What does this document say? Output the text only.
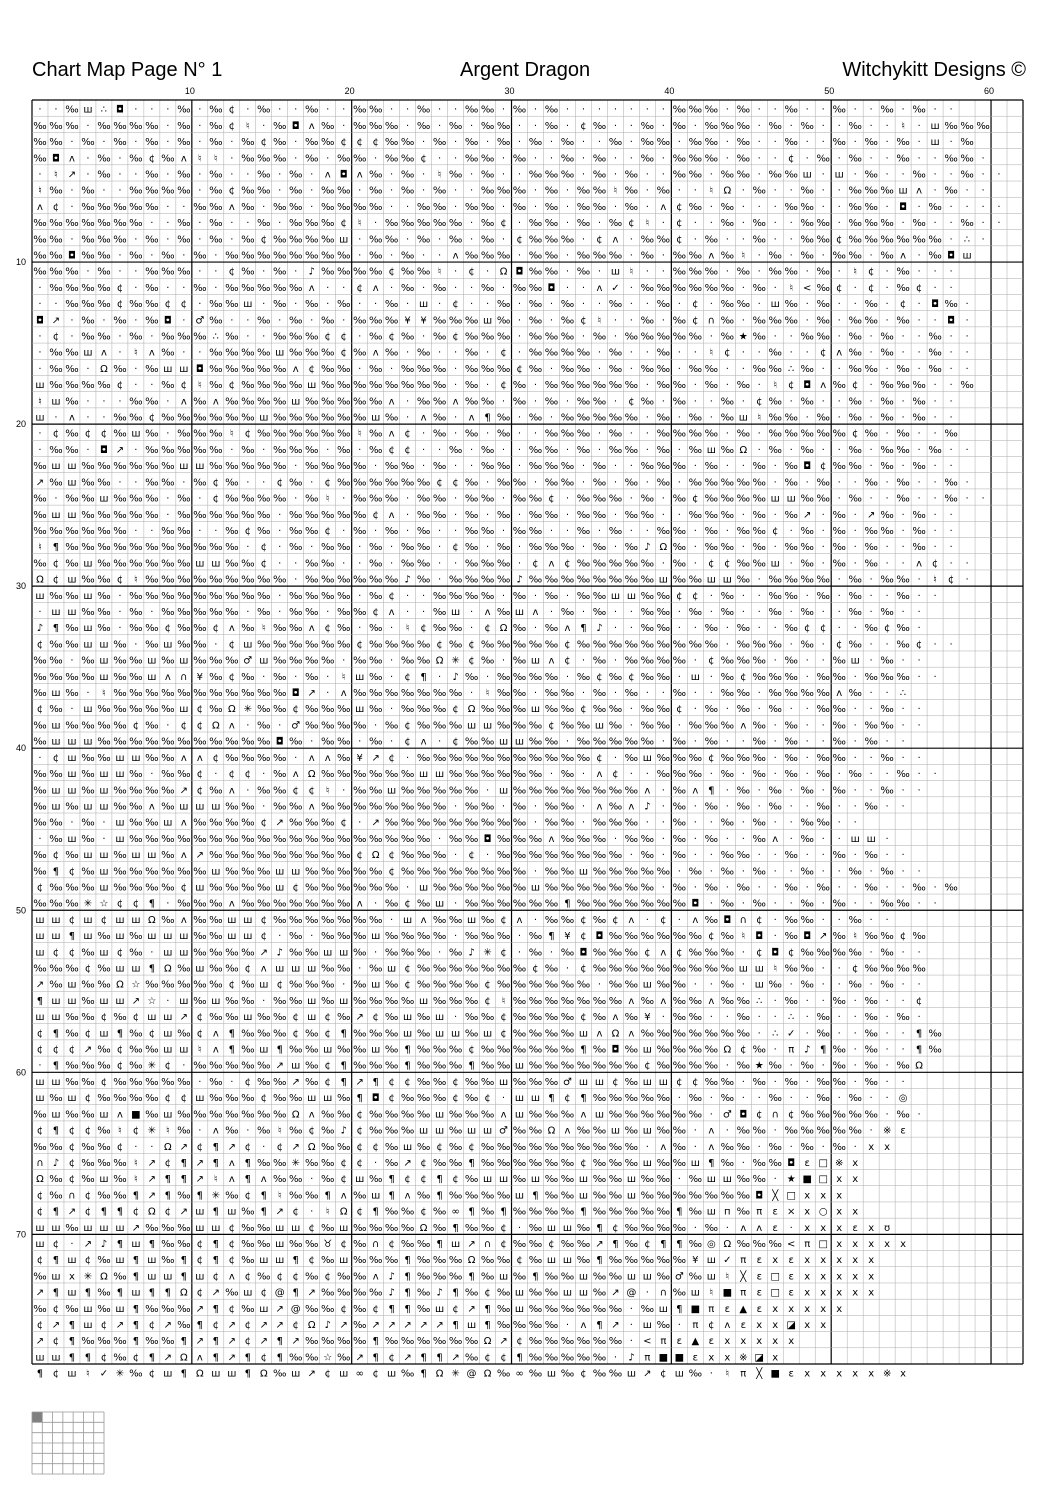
Chart Map Page N° 1	Argent Dragon	Witchykitt Designs ©
10	20	30	40	50	60
10
20
30
40
50
60
70
· · ‰ ш ∴ ◘ · · · ‰ · ‰ ¢ · ‰ · · ‰ · · ‰ ‰ · · ‰ · · ‰ ‰ · ‰ · ‰ · · · · · · · ‰ ‰ ‰ · ‰ · · ‰ · · ‰ · · ‰ · ‰ · ·
‰ ‰ ‰ · ‰ ‰ ‰ ‰ · ‰ · ‰ ¢ ♮ · ‰ ◘ ʌ ‰ · ‰ ‰ ‰ · ‰ · ‰ · ‰ ‰ · · ‰ · ¢ ‰ · · ‰ · ‰ · ‰ ‰ ‰ · ‰ · ‰ · · ‰ · · ♮ · ш ‰ ‰ ‰
‰ ‰ · ‰ · ‰ · ‰ · ‰ · ‰ · ‰ ¢ ‰ · ‰ ‰ ¢ ¢ ¢ ‰ ‰ · ‰ · ‰ · ‰ · ‰ · ‰ · · ‰ · ‰ ‰ · ‰ ‰ · ‰ · · ‰ · · ‰ · ‰ · ‰ · ш · ‰
‰ ◘ ʌ · ‰ · ‰ ¢ ‰ ʌ ♮ ♮ · ‰ ‰ ‰ · ‰ · ‰ ‰ · ‰ ‰ ¢ · · ‰ ‰ · ‰ · · ‰ · ‰ · · ‰ · ‰ ‰ ‰ · ‰ · · ¢ · ‰ · ‰ · · ‰ · · ‰ ‰ ·
· ♮ ↗ · ‰ · · ‰ · ‰ · ‰ · · ‰ · ‰ · ʌ ◘ ʌ ‰ · ‰ · ♮ ‰ · ‰ · · ‰ ‰ ‰ · ‰ · ‰ · · ‰ ‰ · ‰ ‰ · ‰ ‰ ш · ш · ‰ · · ‰ · · ‰ · ·
♮ ‰ · ‰ · · ‰ ‰ ‰ ‰ · ‰ ¢ ‰ ‰ · ‰ · ‰ ‰ · ‰ · ‰ · ‰ · · ‰ ‰ ‰ · ‰ · ‰ ‰ ♮ ‰ · ‰ · · ♮ Ω · ‰ · · ‰ · · ‰ ‰ ‰ ш ʌ · ‰ · ·
ʌ ¢ · ‰ ‰ ‰ ‰ ‰ · · ‰ ‰ ʌ ‰ · ‰ ‰ · ‰ ‰ ‰ ‰ · · ‰ ‰ · ‰ ‰ · ‰ · ‰ · ‰ ‰ · ‰ · ʌ ¢ ‰ · ‰ · · · ‰ ‰ · · ‰ ‰ · ◘ · ‰ · · · ·
‰ ‰ ‰ ‰ ‰ ‰ ‰ · · ‰ · ‰ · · ‰ · ‰ ‰ ‰ ¢ ♮ · ‰ ‰ ‰ ‰ ‰ · ‰ ¢ · ‰ ‰ · ‰ · ‰ ¢ ♮ · ¢ · · ‰ · ‰ · · ‰ ‰ · ‰ ‰ ‰ · ‰ · · ‰ · ·
‰ ‰ · ‰ ‰ ‰ · ‰ · ‰ · ‰ · ‰ ¢ ‰ ‰ ‰ ‰ ш · ‰ ‰ · ‰ · ‰ · ‰ · ¢ ‰ ‰ ‰ · ¢ ʌ · ‰ ‰ ¢ · ‰ · · ‰ · · ‰ ‰ ¢ ‰ ‰ ‰ ‰ ‰ ‰ · ∴ ·
‰ ‰ ◘ ‰ ‰ · ‰ · ‰ · ‰ · ‰ ‰ ‰ ‰ ‰ ‰ ‰ ‰ · ‰ · ‰ · · ʌ ‰ ‰ ‰ · ‰ ‰ · ‰ ‰ ‰ · ‰ · ‰ ‰ ʌ ‰ ♮ · ‰ · ‰ · ‰ ‰ · ‰ ʌ · ‰ ◘ ш
‰ ‰ ‰ · ‰ · · ‰ ‰ ‰ · · ¢ ‰ · ‰ · ♪ ‰ ‰ ‰ ‰ ¢ ‰ ‰ ♮ · ¢ · Ω ◘ ‰ ‰ · ‰ · ш ♮ · · ‰ ‰ ‰ · ‰ · ‰ ‰ · ‰ · ♮ ¢ · ‰ · · ·
· ‰ ‰ ‰ ‰ ¢ · ‰ · · ‰ · ‰ ‰ ‰ ‰ ‰ ʌ · · ¢ ʌ · ‰ · ‰ · · ‰ · ‰ ‰ ◘ · · ʌ ✓ · ‰ ‰ ‰ ‰ ‰ ‰ · ‰ · ♮ < ‰ ¢ · ¢ · ‰ ¢ · ·
· · ‰ ‰ ‰ ¢ ‰ ‰ ¢ ¢ · ‰ ‰ ш · ‰ · ‰ · ‰ · · ‰ · ш · ¢ · · ‰ · ‰ · ‰ · · ‰ · · ‰ · ¢ · ‰ ‰ · ш ‰ · ‰ · · ‰ · ¢ · ◘ ‰ ·
◘ ↗ · ‰ · ‰ · ‰ ◘ · ♂ ‰ · · ‰ · ‰ · ‰ · ‰ ‰ ‰ ¥ ¥ ‰ ‰ ‰ ш ‰ · ‰ · ‰ ¢ ♮ · · ‰ · ‰ ¢ ∩ ‰ · ‰ ‰ ‰ · ‰ · ‰ ‰ · ‰ · · ◘ ·
· ¢ · ‰ ‰ · ‰ · ‰ ‰ ‰ ∴ ‰ · · ‰ ‰ ‰ ¢ ¢ · ‰ ¢ ‰ · ‰ ¢ ‰ ‰ ‰ · ‰ ‰ ‰ · ‰ · ‰ ‰ ‰ ‰ ‰ · ‰ ★ ‰ · · ‰ ‰ · ‰ · ‰ · · ‰ · ·
· ‰ ‰ ш ʌ · ♮ ʌ ‰ · · ‰ ‰ ‰ ‰ ш ‰ ‰ ‰ ¢ ‰ ʌ ‰ · ‰ · · ‰ · ¢ · ‰ ‰ ‰ ‰ · ‰ · · ‰ · · ♮ ¢ · · ‰ · · ¢ ʌ ‰ · ‰ · · ‰ · ·
· ‰ ‰ · Ω ‰ · ‰ ш ш ◘ ‰ ‰ ‰ ‰ ‰ ʌ ¢ ‰ ‰ · ‰ · ‰ ‰ ‰ · ‰ ‰ ‰ ¢ ‰ · ‰ ‰ · ‰ · ‰ ‰ · ‰ ‰ · · ‰ ‰ ∴ ‰ · · ‰ ‰ · ‰ · ‰ · ·
ш ‰ ‰ ‰ ‰ ¢ · · ‰ ¢ ♮ ‰ ¢ ‰ ‰ ‰ ‰ ш ‰ ‰ ‰ ‰ ‰ ‰ ‰ ‰ · ‰ · ¢ ‰ · ‰ ‰ ‰ ‰ ‰ ‰ · ‰ ‰ · ‰ · ‰ · ♮ ¢ ◘ ʌ ‰ ¢ · ‰ ‰ ‰ · · ‰
♮ ш ‰ · · · ‰ ‰ · ʌ ‰ ʌ ‰ ‰ ‰ ‰ ш ‰ ‰ ‰ ‰ ‰ ʌ · ‰ ‰ ʌ ‰ ‰ · ‰ · ‰ · ‰ ‰ · ¢ ‰ · ‰ · · ‰ · ¢ ‰ · ‰ · · ‰ · ‰ · ‰ · ·
ш · ʌ · · ‰ ‰ ¢ ‰ ‰ ‰ ‰ ‰ ‰ ш ‰ ‰ ‰ ‰ ‰ ‰ ш ‰ · ʌ ‰ · ʌ ¶ ‰ · ‰ · ‰ ‰ ‰ ‰ ‰ · ‰ · ‰ · ‰ ш ♮ ‰ ‰ · ‰ · ‰ · ‰ · ‰ · ·
· ¢ ‰ ¢ ¢ ‰ ш ‰ · ‰ ‰ ‰ ♮ ¢ ‰ ‰ ‰ ‰ ‰ ‰ ♮ ‰ ʌ ¢ · ‰ · ‰ · ‰ · · ‰ ‰ ‰ · ‰ · · ‰ ‰ ‰ ‰ · ‰ · ‰ ‰ ‰ ‰ ‰ ¢ ‰ · ‰ · · ‰
· ‰ ‰ · ◘ ↗ · ‰ ‰ ‰ ‰ ‰ · ‰ · ‰ ‰ ‰ · ‰ · ‰ ¢ ¢ · · ‰ · ‰ · · ‰ ‰ · ‰ · ‰ ‰ · ‰ · ‰ ш ‰ Ω · ‰ · ‰ · · ‰ · ‰ ‰ · ‰ · ·
‰ ш ш ‰ ‰ ‰ ‰ ‰ ‰ ш ш ‰ ‰ ‰ ‰ ‰ · ‰ ‰ ‰ ‰ · ‰ ‰ · ‰ · · ‰ ‰ · ‰ ‰ ‰ · ‰ · · ‰ ‰ ‰ · ‰ · · ‰ · ‰ ◘ ¢ ‰ ‰ · ‰ · ‰ · ·
↗ ‰ ш ‰ ‰ · · ‰ ‰ · ‰ ¢ ‰ · · ¢ ‰ · ¢ ‰ ‰ ‰ ‰ ‰ ‰ ¢ ¢ ‰ · ‰ ‰ · ‰ ‰ · ‰ · ‰ · ‰ · ‰ ‰ ‰ ‰ ‰ · ‰ · ‰ · · ‰ · ‰ · · ‰ ·
‰ · ‰ ‰ ш ‰ ‰ ‰ · ‰ · ¢ ‰ ‰ ‰ ‰ · ‰ ♮ · ‰ ‰ ‰ · ‰ ‰ · ‰ ‰ · ‰ ‰ ¢ · ‰ ‰ ‰ · ‰ · ‰ ¢ ‰ ‰ ‰ ‰ ш ш ‰ ‰ · ‰ · · ‰ · · ‰ · ·
‰ ш ш ‰ ‰ ‰ ‰ ‰ · ‰ ‰ ‰ ‰ ‰ ‰ · ‰ ‰ ‰ ‰ ‰ ¢ ʌ · ‰ ‰ · ‰ · ‰ · ‰ ‰ · ‰ ‰ · ‰ ‰ · · ‰ ‰ ‰ · ‰ · ‰ ↗ · ‰ · ↗ ‰ · ‰ · ·
‰ ‰ ‰ ‰ ‰ ‰ · · ‰ ‰ · · ‰ ¢ ‰ · ‰ ‰ ¢ · ‰ · ‰ · ‰ · · ‰ ‰ · ‰ ‰ · · ‰ · ‰ · · ‰ ‰ · ‰ · ‰ ‰ ¢ · ‰ · ‰ · ‰ ‰ · ‰ · ·
♮ ¶ ‰ ‰ ‰ ‰ ‰ ‰ ‰ ‰ ‰ ‰ ‰ · ¢ · ‰ · ‰ ‰ · ‰ · ‰ ‰ · ¢ ‰ · ‰ · ‰ ‰ ‰ · ‰ · ‰ ♪ Ω ‰ · ‰ ‰ · ‰ · ‰ ‰ · ‰ · ‰ · · ‰ · ·
‰ ¢ ‰ ш ‰ ‰ ‰ ‰ ‰ ‰ ш ш ‰ ‰ ¢ · · ‰ ‰ · · ‰ · ‰ ‰ · · ‰ ‰ ‰ · ¢ ʌ ¢ ‰ ‰ ‰ ‰ ‰ · ‰ · ¢ ¢ ‰ ‰ ш · ‰ · ‰ · ‰ · · ʌ ¢ · ·
Ω ¢ ш ‰ ‰ ¢ ♮ ‰ ‰ ‰ ‰ ‰ ‰ ‰ ‰ ‰ · ‰ ‰ ‰ ‰ ‰ ‰ ♪ ‰ · ‰ ‰ ‰ ‰ ♪ ‰ ‰ ‰ ‰ ‰ ‰ ‰ ‰ ш ‰ ‰ ш ш ‰ · ‰ ‰ ‰ ‰ · ‰ · ‰ ‰ · ♮ ¢ ·
ш ‰ ‰ ш ‰ · ‰ ‰ ‰ ‰ ‰ ‰ ‰ ‰ ‰ · ‰ ‰ ‰ ‰ · ‰ ¢ · · ‰ ‰ ‰ ‰ · ‰ · ‰ · ‰ ‰ ш ш ‰ ‰ ¢ ¢ · ‰ · · ‰ ‰ · ‰ · ‰ · · ‰ · ·
· ш ш ‰ ‰ · ‰ · ‰ ‰ ‰ ‰ ‰ · ‰ · ‰ ‰ · ‰ ‰ ¢ ʌ · · ‰ ш · ʌ ‰ ш ʌ · ‰ · ‰ · · ‰ ‰ · ‰ · ‰ · · ‰ · ‰ · · ‰ · ‰ · ·
♪ ¶ ‰ ш ‰ · ‰ ‰ ¢ ‰ ‰ ¢ ʌ ‰ ♮ ‰ ‰ ʌ ¢ ‰ · ‰ · ♮ ¢ ‰ ‰ · ¢ Ω ‰ · ‰ ʌ ¶ ♪ · · ‰ ‰ · · ‰ · ‰ · · ‰ ¢ ¢ · · ‰ ¢ ‰ ·
¢ ‰ ‰ ш ш ‰ · ‰ ш ‰ ‰ · ¢ ш ‰ ‰ ‰ ‰ ‰ ‰ ¢ ‰ ‰ ‰ ‰ ¢ ‰ ¢ ‰ ‰ ‰ ‰ ‰ ¢ ‰ ‰ ‰ ‰ ‰ ‰ ‰ ‰ ‰ · ‰ ‰ ‰ · ‰ · ¢ ‰ · · ‰ ¢ · ·
‰ ‰ · ‰ ш ‰ ‰ ш ‰ ш ‰ ‰ ‰ ♂ ш ‰ ‰ ‰ ‰ · ‰ ‰ · ‰ ‰ Ω ✳ ¢ ‰ · ‰ ш ʌ ¢ · ‰ · ‰ ‰ ‰ ‰ · ¢ ‰ ‰ ‰ · ‰ · · ‰ ш · ‰ · ·
‰ ‰ ‰ ‰ ш ‰ ‰ ш ʌ ∩ ¥ ‰ ¢ ‰ · ‰ · ‰ · ♮ ш ‰ · ¢ ¶ · ♪ ‰ · ‰ ‰ ‰ ‰ · ‰ ¢ ‰ ¢ ‰ ‰ · ш · ‰ ¢ ‰ ‰ ‰ · ‰ ‰ · ‰ ‰ ‰ · ·
‰ ш ‰ · ♮ ‰ ‰ ‰ ‰ ‰ ‰ ‰ ‰ ‰ ‰ ‰ ◘ ↗ · ʌ ‰ ‰ ‰ ‰ ‰ ‰ ‰ · ♮ ‰ ‰ · ‰ ‰ · ‰ · ‰ · · ‰ · · ‰ ‰ · ‰ ‰ ‰ ‰ ʌ ‰ · · ∴
¢ ‰ · ш ‰ ‰ ‰ ‰ ‰ ш ¢ ‰ Ω ✳ ‰ ‰ ¢ ‰ ‰ ‰ ш ‰ · ‰ ‰ ‰ ¢ Ω ‰ ‰ ‰ ш ‰ ‰ ¢ ‰ ‰ · ‰ ‰ ¢ · ‰ · ‰ · ‰ · · ‰ ‰ · · ‰ · ·
‰ ш ‰ ‰ ‰ ‰ ¢ ‰ · ¢ ¢ Ω ʌ · ‰ · ♂ ‰ ‰ ‰ ‰ · ‰ ¢ ‰ ‰ ‰ ш ш ‰ ‰ ‰ ¢ ‰ ‰ ш ‰ · ‰ ‰ · ‰ ‰ ‰ ʌ ‰ · ‰ · · ‰ · ‰ ‰ · ·
‰ ш ш ш ‰ ‰ ‰ ‰ ‰ ‰ ‰ ‰ ‰ ‰ ‰ ◘ ‰ · ‰ ‰ · ‰ · ¢ ʌ · ¢ ‰ ‰ ш ш ‰ ‰ · ‰ ‰ ‰ ‰ ‰ · ‰ · ‰ · · ‰ · ‰ · · ‰ · ‰ · ·
· ¢ ш ‰ ‰ ш ш ‰ ‰ ʌ ʌ ¢ ‰ ‰ ‰ ‰ · ʌ ʌ ‰ ¥ ↗ ¢ · ‰ ‰ ‰ ‰ ‰ ‰ ‰ ‰ ‰ ‰ ‰ ¢ · ‰ ш ‰ ‰ ‰ ¢ ‰ ‰ ‰ · ‰ · ‰ ‰ · · ‰ · ·
‰ ‰ ш ‰ ш ш ‰ · ‰ ‰ ¢ · ¢ ¢ · ‰ ʌ Ω ‰ ‰ ‰ ‰ ‰ ‰ ш ш ‰ ‰ ‰ ‰ ‰ ‰ · ‰ · ʌ ¢ · · ‰ ‰ ‰ · ‰ · ‰ · ‰ · ‰ · ‰ · · ‰ · ·
‰ ш ш ‰ ш ‰ ‰ ‰ ‰ ↗ ¢ ‰ ʌ · ‰ ‰ ¢ ¢ ♮ · ‰ ‰ ш ‰ ‰ ‰ ‰ ‰ · ш ‰ ‰ ‰ ‰ ‰ ‰ ‰ ‰ ʌ · ‰ ʌ ¶ · ‰ · ‰ · ‰ · ‰ · · ‰ · ·
‰ ш ‰ ш ш ‰ ‰ ʌ ‰ ш ш ш ‰ ‰ · ‰ ‰ ʌ ‰ ‰ ‰ ‰ ‰ ‰ ‰ ‰ · ‰ ‰ · ‰ · ‰ ‰ · ʌ ‰ ʌ ♪ · ‰ · ‰ · ‰ · ‰ · · ‰ · · ‰ · ·
‰ ‰ · ‰ · ш ‰ ‰ ш ʌ ‰ ‰ ‰ ‰ ¢ ↗ ‰ ‰ ‰ ¢ · ↗ ‰ ‰ ‰ ‰ ‰ ‰ ‰ ‰ ‰ · ‰ ‰ · ‰ ‰ ‰ · · ‰ · · ‰ · ‰ · · ‰ ‰ · ·
· ‰ ш ‰ · ш ‰ ‰ ‰ ‰ ‰ ‰ ‰ ‰ ‰ ‰ ‰ ‰ ‰ ‰ ‰ ‰ ‰ ‰ ‰ · ‰ ‰ ◘ ‰ ‰ ‰ ʌ ‰ ‰ ‰ · ‰ ‰ · ‰ · ‰ · · ‰ ʌ · ‰ · · ш ш ·
‰ ¢ ‰ ш ш ‰ ш ш ‰ ʌ ↗ ‰ ‰ ‰ ‰ ‰ ‰ ‰ ‰ ‰ ¢ Ω ¢ ‰ ‰ ‰ · ¢ · ‰ ‰ ‰ ‰ ‰ ‰ ‰ ‰ · ‰ · ‰ · · ‰ ‰ · · ‰ · · ‰ · ‰ · ·
‰ ¶ ¢ ‰ ш ‰ ‰ ‰ ‰ ‰ ‰ ш ‰ ‰ ‰ ш ш ‰ ‰ ‰ ‰ ‰ ¢ ‰ ‰ ‰ ‰ ‰ ‰ ‰ ‰ · ‰ ‰ ш ‰ ‰ ‰ ‰ ‰ · ‰ · ‰ · ‰ · · ‰ · · ‰ · ‰ · ·
¢ ‰ ‰ ‰ ш ‰ ‰ ‰ ‰ ¢ ш ‰ ‰ ‰ ‰ ш ¢ ‰ ‰ ‰ ‰ ‰ ‰ · ш ‰ ‰ ‰ ‰ ‰ ‰ ш ‰ ‰ ‰ ‰ ‰ ‰ ‰ · ‰ · ‰ · ‰ · · ‰ · ‰ · · ‰ · · ‰ · ‰
‰ ‰ ‰ ✳ ☆ ¢ ¢ ¶ · ‰ ‰ ‰ ʌ ‰ ‰ ‰ ‰ ‰ ‰ ‰ ʌ · ‰ ¢ ‰ ш · ‰ ‰ ‰ ‰ ‰ ‰ ¶ ‰ ‰ ‰ ‰ ‰ ‰ ‰ ◘ · ‰ · ‰ · · ‰ · ‰ · · ‰ ‰ · ·
ш ш ¢ ш ¢ ш ш Ω ‰ ʌ ‰ ‰ ш ш ¢ ‰ ‰ ‰ ‰ ‰ ‰ ‰ · ш ʌ ‰ ‰ ш ‰ ¢ ʌ · ‰ ‰ ¢ ‰ ¢ ʌ · ¢ · ʌ ‰ ◘ ∩ ¢ · ‰ ‰ · · ‰ · ·
ш ш ¶ ш ‰ ш ‰ ш ш ш ‰ ‰ ш ш ¢ · ‰ · ‰ ‰ ‰ ш ‰ ‰ ‰ ‰ · ‰ ‰ ‰ · ‰ ¶ ¥ ¢ ◘ ‰ ‰ ‰ ‰ ‰ ‰ ¢ ‰ ♮ ◘ · ‰ ◘ ↗ ‰ ♮ ‰ ‰ ¢ ‰
ш ¢ ¢ ‰ ш ¢ ‰ · ш ш ‰ ‰ ‰ ‰ ↗ ♪ ‰ ‰ ш ш ‰ · ‰ ‰ ‰ · ‰ ♪ ✳ ¢ · ‰ · ‰ ◘ ‰ ‰ ‰ ¢ ʌ ¢ ‰ ‰ ‰ · ¢ ◘ ¢ ‰ ‰ ‰ ‰ · ‰ · ·
‰ ‰ ‰ ¢ ‰ ш ш ¶ Ω ‰ ш ‰ ‰ ¢ ʌ ш ш ш ‰ ‰ · ‰ ш ¢ ‰ ‰ ‰ ‰ ‰ ‰ ‰ ¢ ‰ · ¢ ‰ ‰ ‰ ‰ ‰ ‰ ‰ ‰ ‰ ш ш ♮ ‰ ‰ · · ¢ ‰ ‰ ‰ ‰
↗ ‰ ш ‰ ‰ Ω ☆ ‰ ‰ ‰ ‰ ‰ ¢ ‰ ш ¢ ‰ ‰ ‰ · ‰ ш ‰ ¢ ‰ ‰ ‰ ‰ ¢ ‰ ‰ ‰ ‰ ‰ ‰ · ‰ ‰ ш ‰ ‰ · · ‰ · ш ‰ · ‰ · · ‰ · ‰ · ·
¶ ш ш ‰ ш ш ↗ ☆ · ш ‰ ш ‰ ‰ · ‰ ‰ ш ‰ ш ‰ ‰ ‰ ‰ ш ‰ ‰ ‰ ¢ ♮ ‰ ‰ ‰ ‰ ‰ ‰ ‰ ʌ ‰ ʌ ‰ ‰ ʌ ‰ ‰ ∴ · ‰ · · ‰ · ‰ · · ¢
ш ш ‰ ‰ ¢ ‰ ¢ ш ш ↗ ¢ ‰ ‰ ш ‰ ‰ ¢ ш ¢ ‰ ↗ ¢ ‰ ш ‰ ш · ‰ ‰ ¢ ‰ ‰ ‰ ‰ ¢ ‰ ʌ ‰ ¥ · ‰ ‰ · · ‰ · · ∴ · ‰ · · ‰ · ‰ ·
¢ ¶ ‰ ¢ ш ¶ ‰ ¢ ш ‰ ¢ ʌ ¶ ‰ ‰ ‰ ¢ ‰ ¢ ¶ ‰ ‰ ‰ ш ‰ ш ш ‰ ш ¢ ‰ ‰ ‰ ‰ ш ʌ Ω ʌ ‰ ‰ ‰ ‰ ‰ ‰ ‰ · ∴ ✓ · ‰ · · ‰ · · ¶ ‰
¢ ¢ ¢ ↗ ‰ ¢ ‰ ‰ ш ш ♮ ʌ ¶ ‰ ш ¶ ‰ ‰ ш ‰ ‰ ш ‰ ¶ ‰ ‰ ‰ ¢ ‰ ‰ ‰ ‰ ‰ ‰ ¶ ‰ ◘ ‰ ш ‰ ‰ ‰ ‰ Ω ¢ ‰ · π ♪ ¶ ‰ · ‰ · · ¶ ‰
· ¶ ‰ ‰ ‰ ¢ ‰ ✳ ¢ · ‰ ‰ ‰ ‰ ‰ ↗ ш ‰ ¢ ¶ ‰ ‰ ‰ ¶ ‰ ‰ ‰ ¶ ‰ ‰ ш ‰ ‰ ‰ ‰ ‰ ‰ ‰ ¢ ‰ ‰ ‰ ‰ · ‰ ★ ‰ · ‰ · ‰ · ‰ · ‰ Ω
ш ш ‰ ‰ ¢ ‰ ‰ ‰ ‰ ‰ · ‰ · ¢ ‰ ‰ ↗ ‰ ¢ ¶ ↗ ¶ ¢ ¢ ‰ ‰ ¢ ‰ ‰ ш ‰ ‰ ‰ ♂ ш ш ¢ ‰ ш ш ¢ ¢ ‰ ‰ · ‰ · ‰ · ‰ ‰ · ‰ · ·
ш ‰ ш ¢ ‰ ‰ ‰ ‰ ¢ ¢ ш ‰ ‰ ‰ ¢ ‰ ‰ ш ш ‰ ¶ ◘ ¢ ‰ ‰ ‰ ¢ ‰ ¢ · ш ш ¶ ¢ ¶ ‰ ‰ ‰ ‰ ‰ · ‰ · ‰ · · ‰ · · ‰ · ‰ · · ◎
‰ ш ‰ ‰ ш ʌ ■ ‰ ш ‰ ‰ ‰ ‰ ‰ ‰ ‰ Ω ʌ ‰ ‰ ¢ ‰ ‰ ‰ ‰ ш ‰ ‰ ‰ ʌ ш ‰ ‰ ‰ ʌ ш ‰ ‰ ‰ ‰ ‰ ‰ · ♂ ◘ ¢ ∩ ¢ ‰ ‰ ‰ ‰ ‰ · ‰ ·
¢ ¶ ¢ ¢ ‰ ♮ ¢ ✳ ♮ ‰ · ʌ ‰ · ‰ ♮ ‰ ¢ ‰ ♪ ¢ ‰ ‰ ‰ ш ш ‰ ш ш ♂ ‰ ‰ Ω ʌ ‰ ‰ ш ‰ ш ‰ ‰ · ʌ · ‰ ‰ · ‰ ‰ ‰ ‰ ‰ · ※ ɛ
‰ ‰ ¢ ‰ ‰ ¢ · · Ω ↗ ¢ ¶ ↗ ¢ · ¢ ↗ Ω ‰ ‰ ¢ ¢ ‰ ш ‰ ¢ ‰ ¢ ‰ ‰ ‰ ‰ ‰ ‰ ‰ ‰ ‰ ‰ · ʌ ‰ · ʌ ‰ ‰ · ‰ · ‰ · ‰ · x x
∩ ♪ ¢ ‰ ‰ ‰ ♮ ↗ ¢ ¶ ↗ ¶ ʌ ¶ ‰ ‰ ✳ ‰ ‰ ¢ ¢ · ‰ ↗ ¢ ‰ ‰ ¶ ‰ ‰ ‰ ‰ ‰ ‰ ¢ ‰ ‰ ‰ ш ‰ ‰ ш ¶ ‰ · ‰ ‰ ◘ ɛ □ ※ x
Ω ‰ ¢ ‰ ш ‰ ♮ ↗ ¶ ¶ ↗ ♮ ʌ ¶ ʌ ‰ ‰ · ‰ ¢ ш ‰ ¶ ¢ ¢ ¶ ¢ ‰ ш ш ‰ ш ‰ ‰ ш ‰ ‰ ш ‰ ‰ · ‰ ш ш ‰ ‰ · ★ ■ □ x x
¢ ‰ ∩ ¢ ‰ ‰ ¶ ↗ ¶ ‰ ¶ ✳ ‰ ¢ ¶ ♮ ‰ ‰ ¶ ʌ ‰ ш ¶ ʌ ‰ ¶ ‰ ‰ ‰ ‰ ш ¶ ‰ ‰ ш ‰ ‰ ш ‰ ‰ ‰ ‰ ‰ ‰ ‰ ◘ ╳ □ x x x
¢ ¶ ↗ ¢ ¶ ¶ ¢ Ω ¢ ↗ ш ¶ ш ‰ ¶ ↗ ¢ · ♮ Ω ¢ ¶ ‰ ‰ ¢ ‰ ∞ ¶ ‰ ¶ ‰ ‰ ‰ ‰ ¶ ‰ ‰ ‰ ‰ ‰ ¶ ‰ ш п ‰ π ɛ × x ○ x x
ш ш ‰ ш ш ш ↗ ‰ ‰ ‰ ш ш ¢ ‰ ‰ ш ш ¢ ‰ ш ‰ ‰ ‰ ‰ Ω ‰ ¶ ‰ ‰ ¢ · ‰ ш ш ‰ ¶ ¢ ‰ ‰ ‰ ‰ · ‰ · ʌ ʌ ɛ · x x x ɛ x ʊ
ш ¢ · ↗ ♪ ¶ ш ¶ ‰ ‰ ¢ ¶ ¢ ‰ ‰ ш ‰ ‰ ♉ ¢ ‰ ∩ ¢ ‰ ‰ ¶ ш ↗ ∩ ¢ ‰ ‰ ¢ ‰ ‰ ↗ ¶ ‰ ¢ ¶ ¶ ‰ ◎ Ω ‰ ‰ ‰ < π □ x x x x x
¢ ¶ ш ¢ ‰ ш ¶ ш ‰ ¶ ¢ ¶ ¢ ‰ ш ш ¶ ¢ ‰ ш ‰ ‰ ‰ ¶ ‰ ‰ ‰ Ω ‰ ‰ ¢ ‰ ш ш ‰ ¶ ‰ ‰ ‰ ‰ ‰ ¥ ш ✓ π ɛ x ɛ x x x x x
‰ ш х ✳ Ω ‰ ¶ ш ш ¶ ш ¢ ʌ ¢ ‰ ¢ ¢ ‰ ¢ ‰ ‰ ʌ ♪ ¶ ‰ ‰ ‰ ¶ ‰ ш ‰ ¶ ‰ ‰ ш ‰ ‰ ш ш ‰ ♂ ‰ ш ♮ ╳ ɛ □ ɛ x x x x x
↗ ¶ ш ¶ ‰ ¶ ш ¶ ¶ Ω ¢ ↗ ‰ ш ¢ @ ¶ ↗ ‰ ‰ ‰ ‰ ♪ ¶ ‰ ♪ ¶ ‰ ¢ ‰ ш ‰ ‰ ш ш ‰ ↗ @ · ∩ ‰ ш ♮ ■ π ɛ □ ɛ x x x x x
‰ ¢ ‰ ш ‰ ш ¶ ‰ ‰ ‰ ↗ ¶ ¢ ‰ ш ↗ @ ‰ ‰ ¢ ‰ ¢ ¶ ¶ ‰ ш ¢ ↗ ¶ ‰ ш ‰ ‰ ‰ ‰ ‰ ‰ · ‰ ш ¶ ■ π ɛ ▲ ɛ x x x x x
¢ ↗ ¶ ш ¢ ↗ ¶ ¢ ↗ ‰ ¶ ¢ ↗ ¢ ↗ ↗ ¢ Ω ♪ ↗ ‰ ↗ ↗ ↗ ↗ ↗ ¶ ш ¶ ‰ ‰ ‰ ‰ · ʌ ¶ ↗ · ш ‰ · π ¢ ʌ ɛ x x ◪ x x
↗ ¢ ¶ ‰ ‰ ‰ ¶ ‰ ‰ ¶ ↗ ¶ ↗ ¢ ↗ ¶ ↗ ‰ ‰ ‰ ‰ ¶ ‰ ‰ ‰ ‰ ‰ ‰ Ω ↗ ¢ ‰ ‰ ‰ ‰ ‰ ‰ · < π ɛ ▲ ɛ x x x x x
ш ш ¶ ¶ ¢ ‰ ¢ ¶ ↗ Ω ʌ ¶ ↗ ¶ ¢ ¶ ‰ ‰ ☆ ‰ ↗ ¶ ¢ ↗ ¶ ¶ ↗ ‰ ¢ ¢ ¶ ‰ ‰ ‰ ‰ ‰ · ♪ π ■ ■ ɛ x x ※ ◪ x
¶ ¢ ш ♮ ✓ ✳ ‰ ¢ ш ¶ Ω ш ш ¶ Ω ‰ ш ↗ ¢ ш ∞ ¢ ш ‰ ¶ Ω ✳ @ Ω ‰ ∞ ‰ ш ‰ ¢ ‰ ‰ ш ↗ ¢ ш ‰ · ♮ π ╳ ■ ɛ x x x x x ※ x
